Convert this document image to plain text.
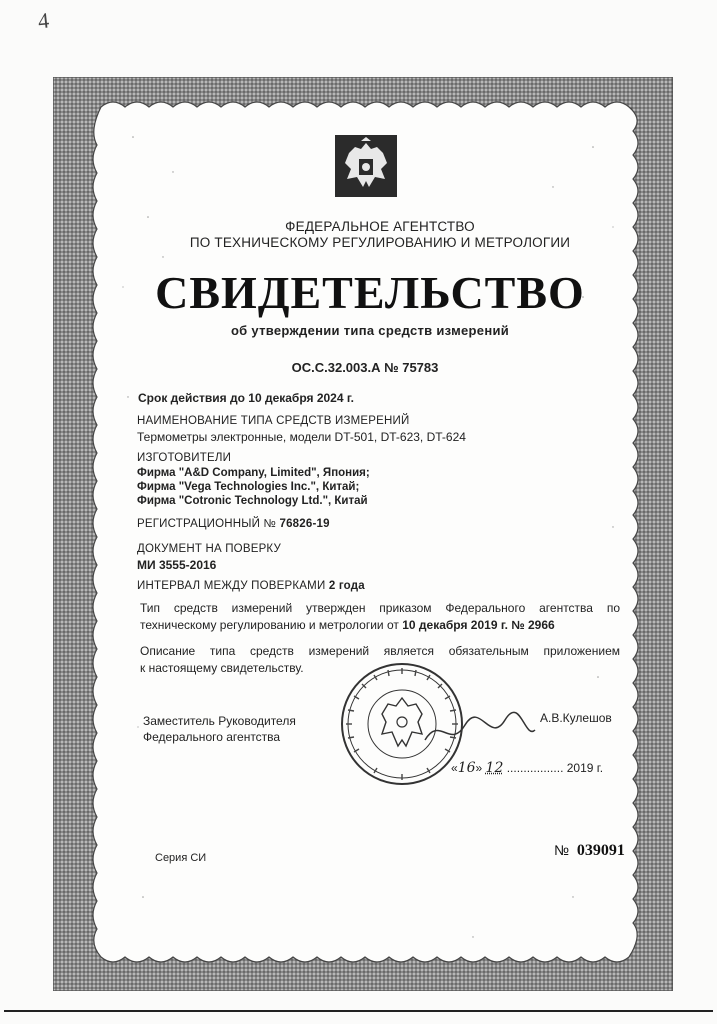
4
ФЕДЕРАЛЬНОЕ АГЕНТСТВО
ПО ТЕХНИЧЕСКОМУ РЕГУЛИРОВАНИЮ И МЕТРОЛОГИИ
СВИДЕТЕЛЬСТВО
об утверждении типа средств измерений
ОС.С.32.003.А № 75783
Срок действия до 10 декабря 2024 г.
НАИМЕНОВАНИЕ ТИПА СРЕДСТВ ИЗМЕРЕНИЙ
Термометры электронные, модели DT-501, DT-623, DT-624
ИЗГОТОВИТЕЛИ
Фирма "A&D Company, Limited", Япония;
Фирма "Vega Technologies Inc.", Китай;
Фирма "Cotronic Technology Ltd.", Китай
РЕГИСТРАЦИОННЫЙ № 76826-19
ДОКУМЕНТ НА ПОВЕРКУ
МИ 3555-2016
ИНТЕРВАЛ МЕЖДУ ПОВЕРКАМИ 2 года
Тип средств измерений утвержден приказом Федерального агентства по
техническому регулированию и метрологии от 10 декабря 2019 г. № 2966
Описание типа средств измерений является обязательным приложением
к настоящему свидетельству.
Заместитель Руководителя
Федерального агентства
А.В.Кулешов
«16» 12 ................. 2019 г.
Серия СИ	№ 039091
